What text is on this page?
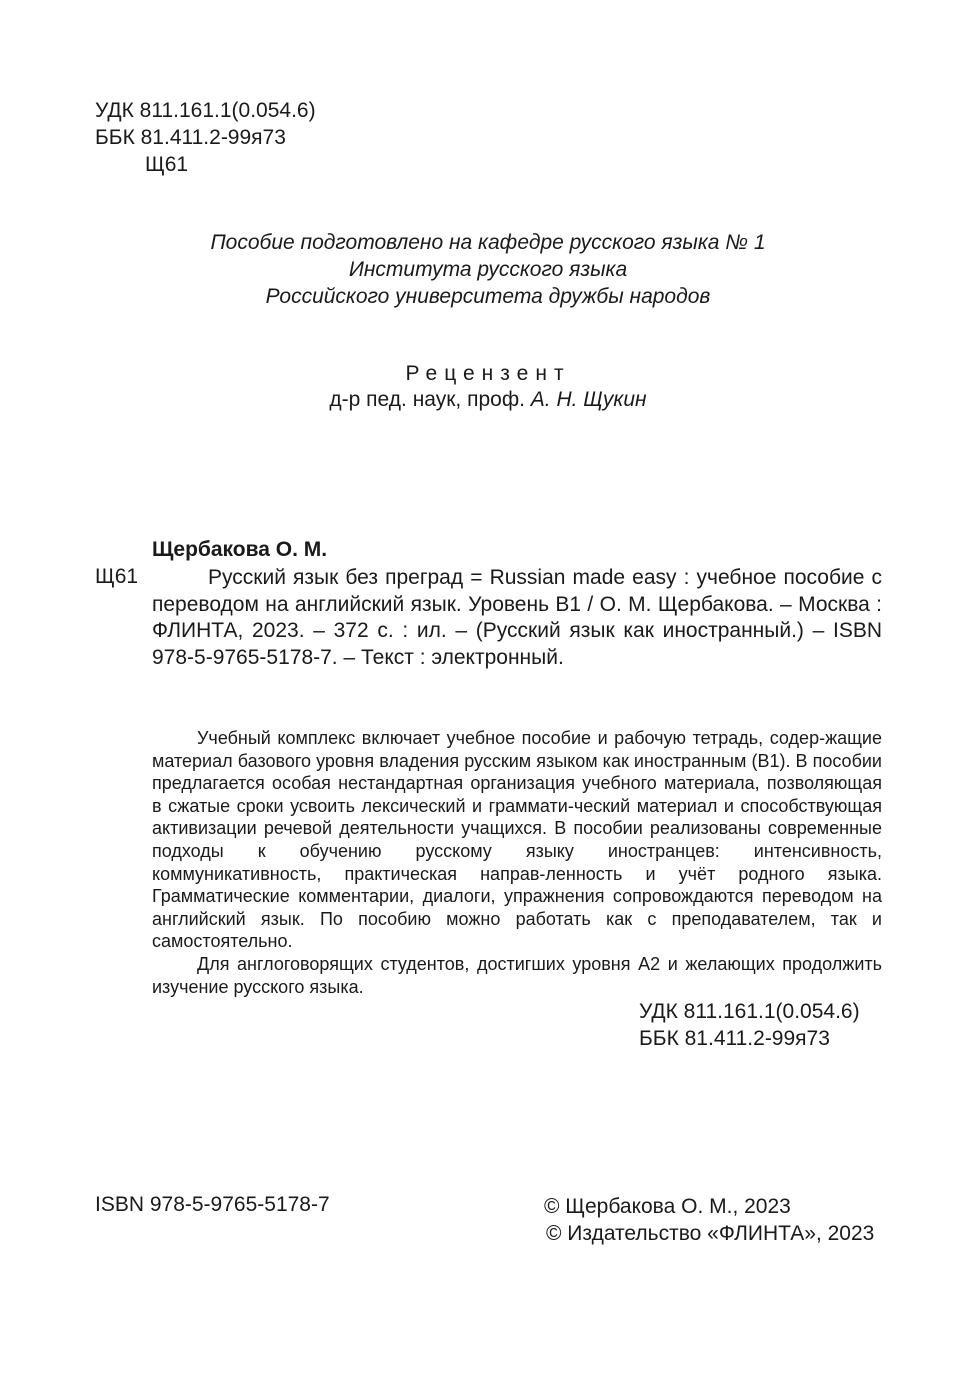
УДК 811.161.1(0.054.6)
ББК 81.411.2-99я73
Щ61
Пособие подготовлено на кафедре русского языка № 1
Института русского языка
Российского университета дружбы народов
Рецензент
д-р пед. наук, проф. А. Н. Щукин
Щербакова О. М.
Щ61	Русский язык без преград = Russian made easy : учебное пособие с переводом на английский язык. Уровень В1 / О. М. Щербакова. – Москва : ФЛИНТА, 2023. – 372 с. : ил. – (Русский язык как иностранный.) – ISBN 978-5-9765-5178-7. – Текст : электронный.

Учебный комплекс включает учебное пособие и рабочую тетрадь, содер-жащие материал базового уровня владения русским языком как иностранным (В1). В пособии предлагается особая нестандартная организация учебного материала, позволяющая в сжатые сроки усвоить лексический и граммати-ческий материал и способствующая активизации речевой деятельности учащихся. В пособии реализованы современные подходы к обучению русскому языку иностранцев: интенсивность, коммуникативность, практическая направ-ленность и учёт родного языка. Грамматические комментарии, диалоги, упражнения сопровождаются переводом на английский язык. По пособию можно работать как с преподавателем, так и самостоятельно.

Для англоговорящих студентов, достигших уровня А2 и желающих продолжить изучение русского языка.

УДК 811.161.1(0.054.6)
ББК 81.411.2-99я73
ISBN 978-5-9765-5178-7	© Щербакова О. М., 2023
© Издательство «ФЛИНТА», 2023
